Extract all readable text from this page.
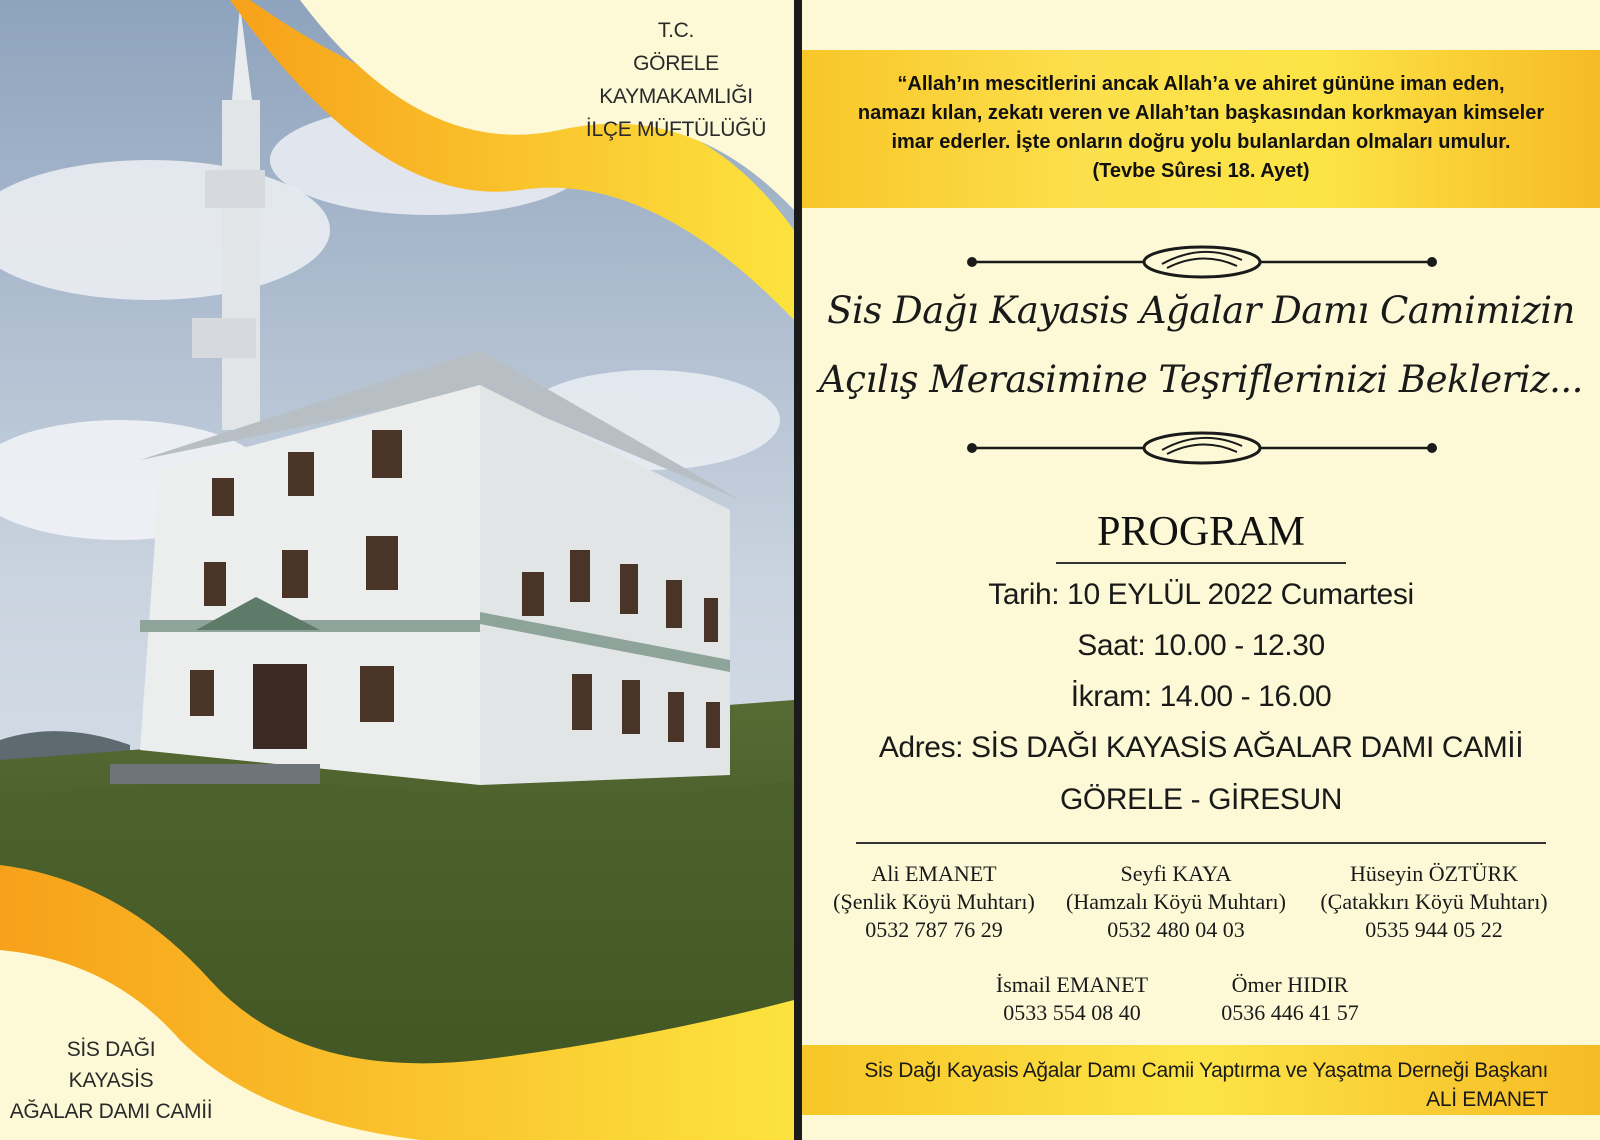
T.C.
GÖRELE KAYMAKAMLIĞI
İLÇE MÜFTÜLÜĞÜ
SİS DAĞI
KAYASİS
AĞALAR DAMI CAMİİ
“Allah’ın mescitlerini ancak Allah’a ve ahiret gününe iman eden,
namazı kılan, zekatı veren ve Allah’tan başkasından korkmayan kimseler
imar ederler. İşte onların doğru yolu bulanlardan olmaları umulur.
(Tevbe Sûresi 18. Ayet)
Sis Dağı Kayasis Ağalar Damı Camimizin
Açılış Merasimine Teşriflerinizi Bekleriz...
PROGRAM
Tarih: 10 EYLÜL 2022 Cumartesi
Saat: 10.00 - 12.30
İkram: 14.00 - 16.00
Adres: SİS DAĞI KAYASİS AĞALAR DAMI CAMİİ
GÖRELE - GİRESUN
Ali EMANET
(Şenlik Köyü Muhtarı)
0532 787 76 29
Seyfi KAYA
(Hamzalı Köyü Muhtarı)
0532 480 04 03
Hüseyin ÖZTÜRK
(Çatakkırı Köyü Muhtarı)
0535 944 05 22
İsmail EMANET
0533 554 08 40
Ömer HIDIR
0536 446 41 57
Sis Dağı Kayasis Ağalar Damı Camii Yaptırma ve Yaşatma Derneği Başkanı
ALİ EMANET
